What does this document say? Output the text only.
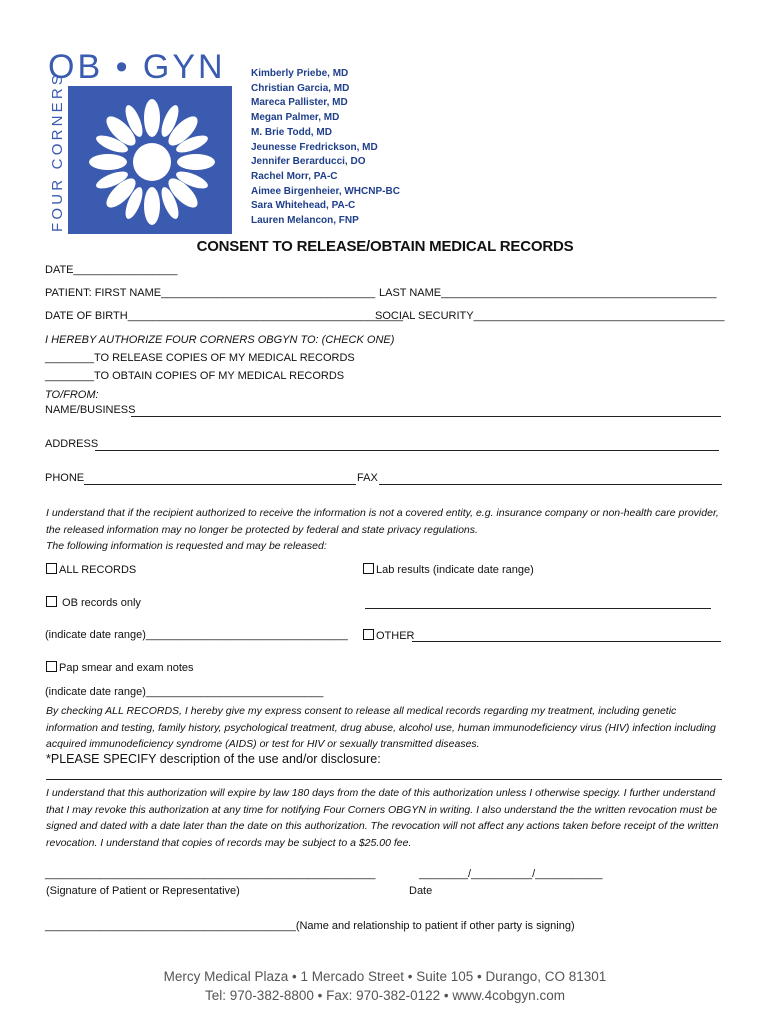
OB • GYN
FOUR CORNERS	Kimberly Priebe, MD
Christian Garcia, MD
Mareca Pallister, MD
Megan Palmer, MD
M. Brie Todd, MD
Jeunesse Fredrickson, MD
Jennifer Berarducci, DO
Rachel Morr, PA-C
Aimee Birgenheier, WHCNP-BC
Sara Whitehead, PA-C
Lauren Melancon, FNP
CONSENT TO RELEASE/OBTAIN MEDICAL RECORDS
DATE_________________
PATIENT: FIRST NAME___________________________________ LAST NAME_____________________________________________
DATE OF BIRTH_____________________________________________
SOCIAL SECURITY_________________________________________
I HEREBY AUTHORIZE FOUR CORNERS OBGYN TO: (CHECK ONE)
________TO RELEASE COPIES OF MY MEDICAL RECORDS
________TO OBTAIN COPIES OF MY MEDICAL RECORDS
TO/FROM:
NAME/BUSINESS
ADDRESS
PHONE	FAX
I understand that if the recipient authorized to receive the information is not a covered entity, e.g. insurance company or non-health care provider, the released information may no longer be protected by federal and state privacy regulations.
The following information is requested and may be released:
ALL RECORDS	Lab results (indicate date range)
OB records only
(indicate date range)_________________________________	OTHER
Pap smear and exam notes
(indicate date range)_____________________________
By checking ALL RECORDS, I hereby give my express consent to release all medical records regarding my treatment, including genetic information and testing, family history, psychological treatment, drug abuse, alcohol use, human immunodeficiency virus (HIV) infection including acquired immunodeficiency syndrome (AIDS) or test for HIV or sexually transmitted diseases.
*PLEASE SPECIFY description of the use and/or disclosure:
I understand that this authorization will expire by law 180 days from the date of this authorization unless I otherwise specigy. I further understand that I may revoke this authorization at any time for notifying Four Corners OBGYN in writing. I also understand the the written revocation must be signed and dated with a date later than the date on this authorization. The revocation will not affect any actions taken before receipt of the written revocation. I understand that copies of records may be subject to a $25.00 fee.
______________________________________________________	________/__________/___________
(Signature of Patient or Representative)	Date
_________________________________________(Name and relationship to patient if other party is signing)
Mercy Medical Plaza • 1 Mercado Street • Suite 105 • Durango, CO 81301
Tel: 970-382-8800 • Fax: 970-382-0122 • www.4cobgyn.com
